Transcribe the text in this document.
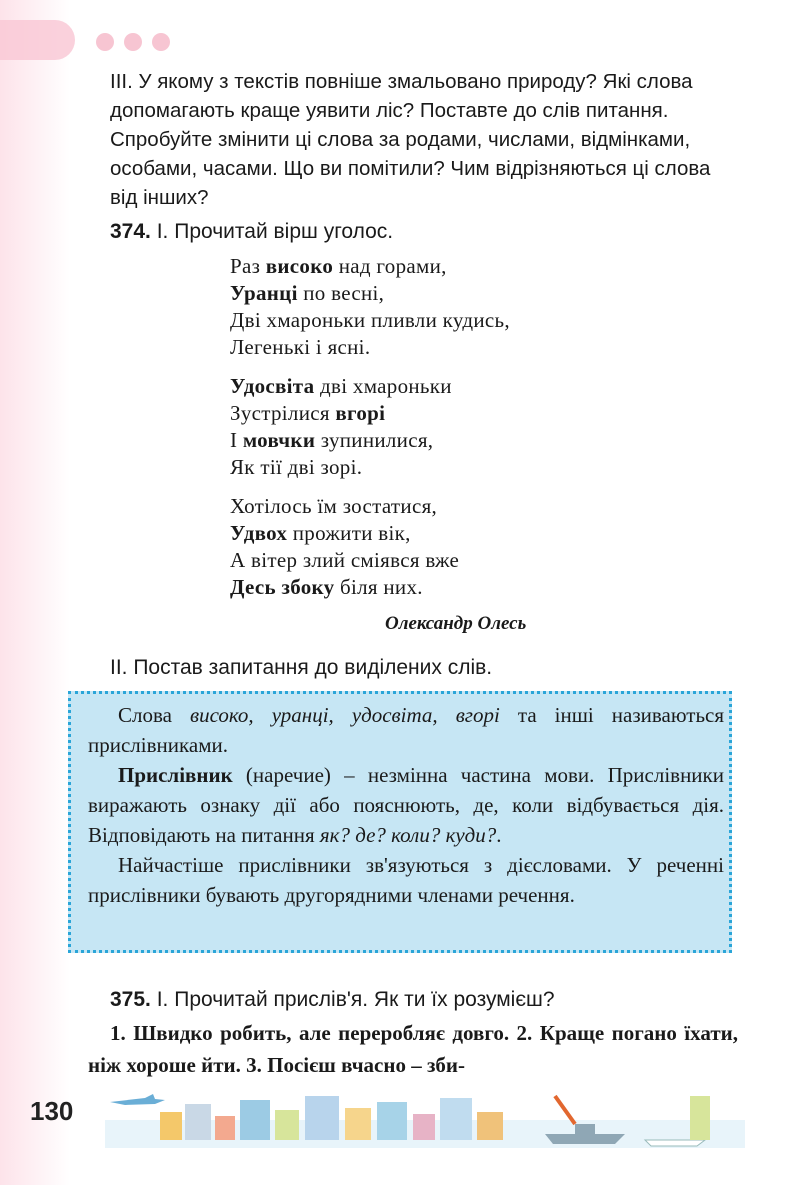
III. У якому з текстів повніше змальовано природу? Які слова допомагають краще уявити ліс? Поставте до слів питання. Спробуйте змінити ці слова за родами, числами, відмінками, особами, часами. Що ви помітили? Чим відрізняються ці слова від інших?
374. І. Прочитай вірш уголос.
Раз високо над горами,
Уранці по весні,
Дві хмароньки пливли кудись,
Легенькі і ясні.
Удосвіта дві хмароньки
Зустрілися вгорі
І мовчки зупинилися,
Як тії дві зорі.
Хотілось їм зостатися,
Удвох прожити вік,
А вітер злий сміявся вже
Десь збоку біля них.
Олександр Олесь
ІІ. Постав запитання до виділених слів.

Слова високо, уранці, удосвіта, вгорі та інші називаються прислівниками.

Прислівник (наречие) – незмінна частина мови. Прислівники виражають ознаку дії або пояснюють, де, коли відбувається дія. Відповідають на питання як? де? коли? куди?.

Найчастіше прислівники зв'язуються з дієсловами. У реченні прислівники бувають другорядними членами речення.

375. І. Прочитай прислів'я. Як ти їх розумієш?

1. Швидко робить, але переробляє довго. 2. Краще погано їхати, ніж хороше йти. 3. Посієш вчасно – зби-

130
